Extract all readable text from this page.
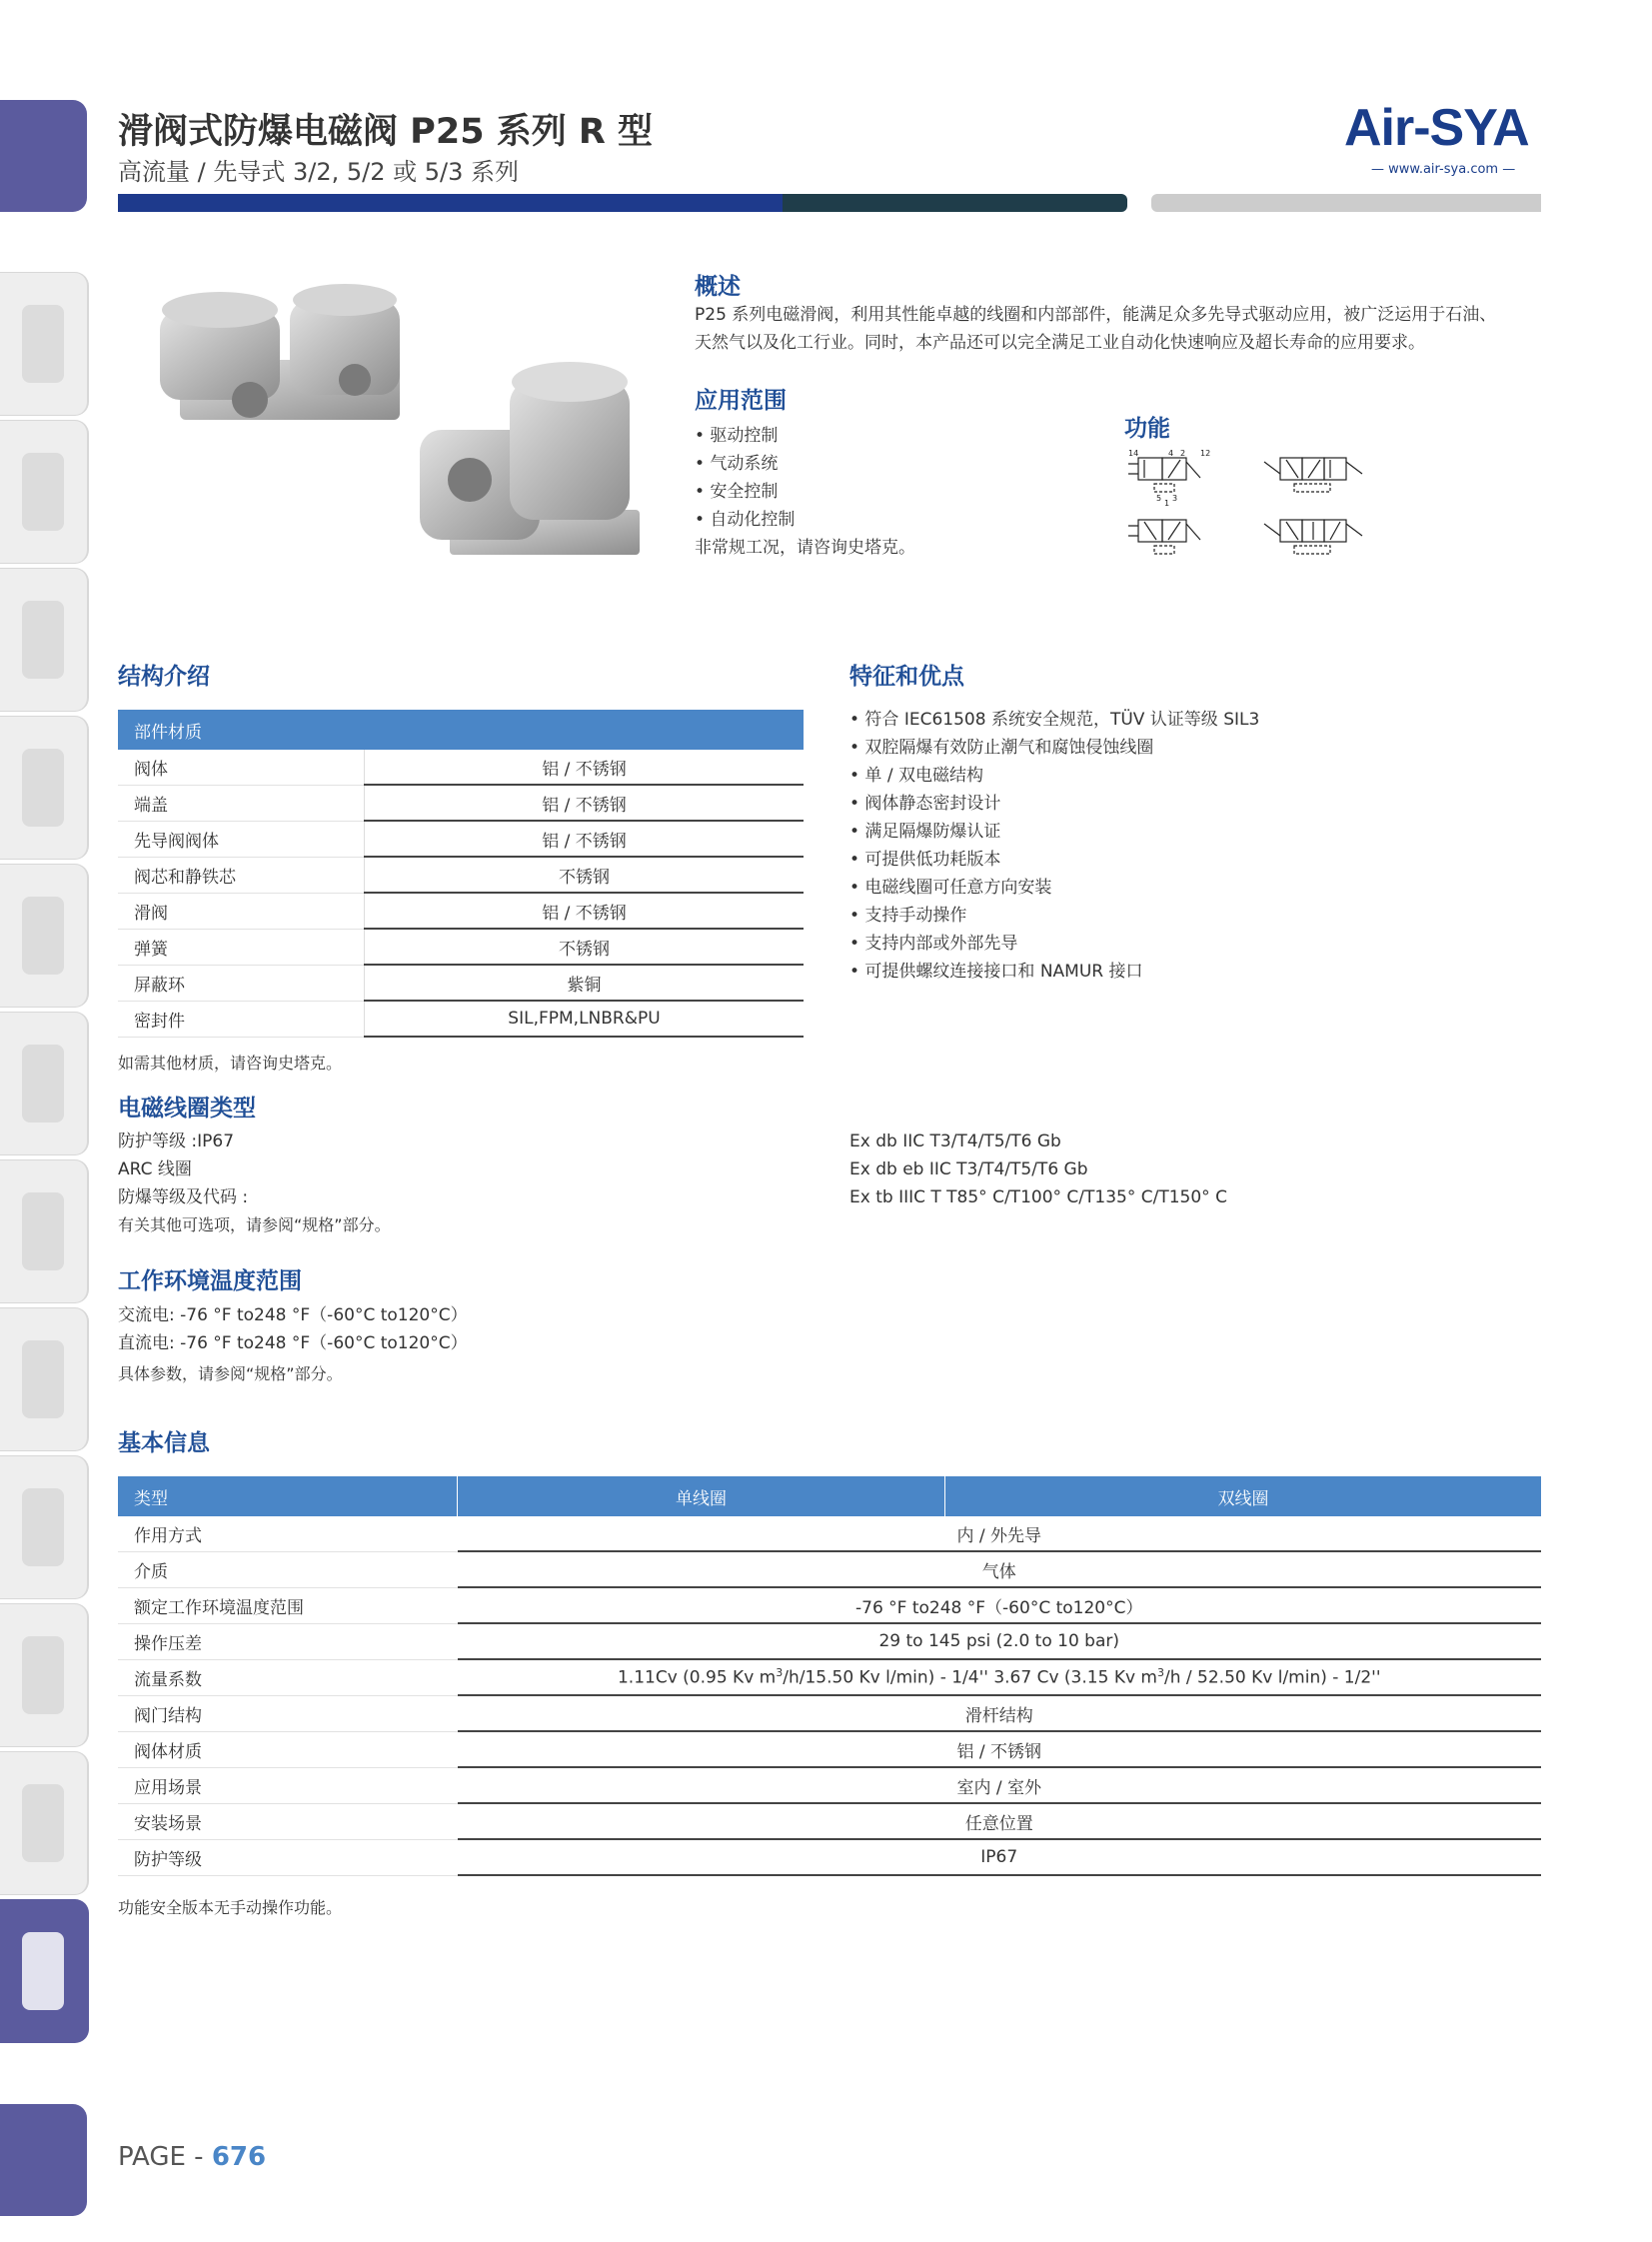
滑阀式防爆电磁阀 P25 系列 R 型
高流量 / 先导式 3/2, 5/2 或 5/3 系列
Air-SYA
— www.air-sya.com —
概述
P25 系列电磁滑阀，利用其性能卓越的线圈和内部部件，能满足众多先导式驱动应用，被广泛运用于石油、
天然气以及化工行业。同时，本产品还可以完全满足工业自动化快速响应及超长寿命的应用要求。
应用范围
• 驱动控制
• 气动系统
• 安全控制
• 自动化控制
非常规工况，请咨询史塔克。
功能
14	4 2 12
5
1
3
结构介绍
部件材质	
阀体	铝 / 不锈钢
端盖	铝 / 不锈钢
先导阀阀体	铝 / 不锈钢
阀芯和静铁芯	不锈钢
滑阀	铝 / 不锈钢
弹簧	不锈钢
屏蔽环	紫铜
密封件	SIL,FPM,LNBR&PU
如需其他材质，请咨询史塔克。
特征和优点
• 符合 IEC61508 系统安全规范，TÜV 认证等级 SIL3
• 双腔隔爆有效防止潮气和腐蚀侵蚀线圈
• 单 / 双电磁结构
• 阀体静态密封设计
• 满足隔爆防爆认证
• 可提供低功耗版本
• 电磁线圈可任意方向安装
• 支持手动操作
• 支持内部或外部先导
• 可提供螺纹连接接口和 NAMUR 接口
电磁线圈类型
防护等级 :IP67
ARC 线圈
防爆等级及代码 :
有关其他可选项，请参阅“规格”部分。
Ex db IIC T3/T4/T5/T6 Gb
Ex db eb IIC T3/T4/T5/T6 Gb
Ex tb IIIC T T85° C/T100° C/T135° C/T150° C
工作环境温度范围
交流电: -76 °F to248 °F（-60°C to120°C）
直流电: -76 °F to248 °F（-60°C to120°C）
具体参数，请参阅“规格”部分。
基本信息
类型	单线圈	双线圈
作用方式	内 / 外先导	
介质	气体	
额定工作环境温度范围	-76 °F to248 °F（-60°C to120°C）	
操作压差	29 to 145 psi (2.0 to 10 bar)	
流量系数	1.11Cv (0.95 Kv $m^3/h/15.50$ Kv l/min) - 1/4'' 3.67 Cv (3.15 Kv $m^3/h / 52.50$ Kv l/min) - 1/2''	
阀门结构	滑杆结构	
阀体材质	铝 / 不锈钢	
应用场景	室内 / 室外	
安装场景	任意位置	
防护等级	IP67	
功能安全版本无手动操作功能。
PAGE - 676
